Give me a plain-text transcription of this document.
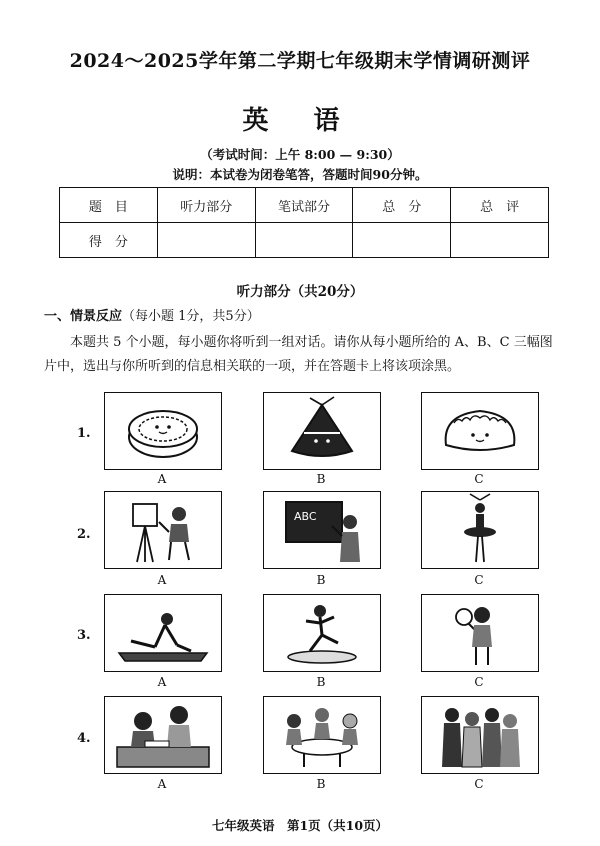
2024～2025学年第二学期七年级期末学情调研测评
英 语
（考试时间：上午 8:00 — 9:30）
说明：本试卷为闭卷笔答，答题时间90分钟。
题　目	听力部分	笔试部分	总　分	总　评
得　分				
听力部分（共20分）
一、情景反应（每小题 1分，共5分）
本题共 5 个小题，每小题你将听到一组对话。请你从每小题所给的 A、B、C 三幅图片中，选出与你所听到的信息相关联的一项，并在答题卡上将该项涂黑。
1.
A	B	C
2.
A
ABC
B	C
3.
A	B	C
4.
A	B	C
七年级英语　第1页（共10页）
